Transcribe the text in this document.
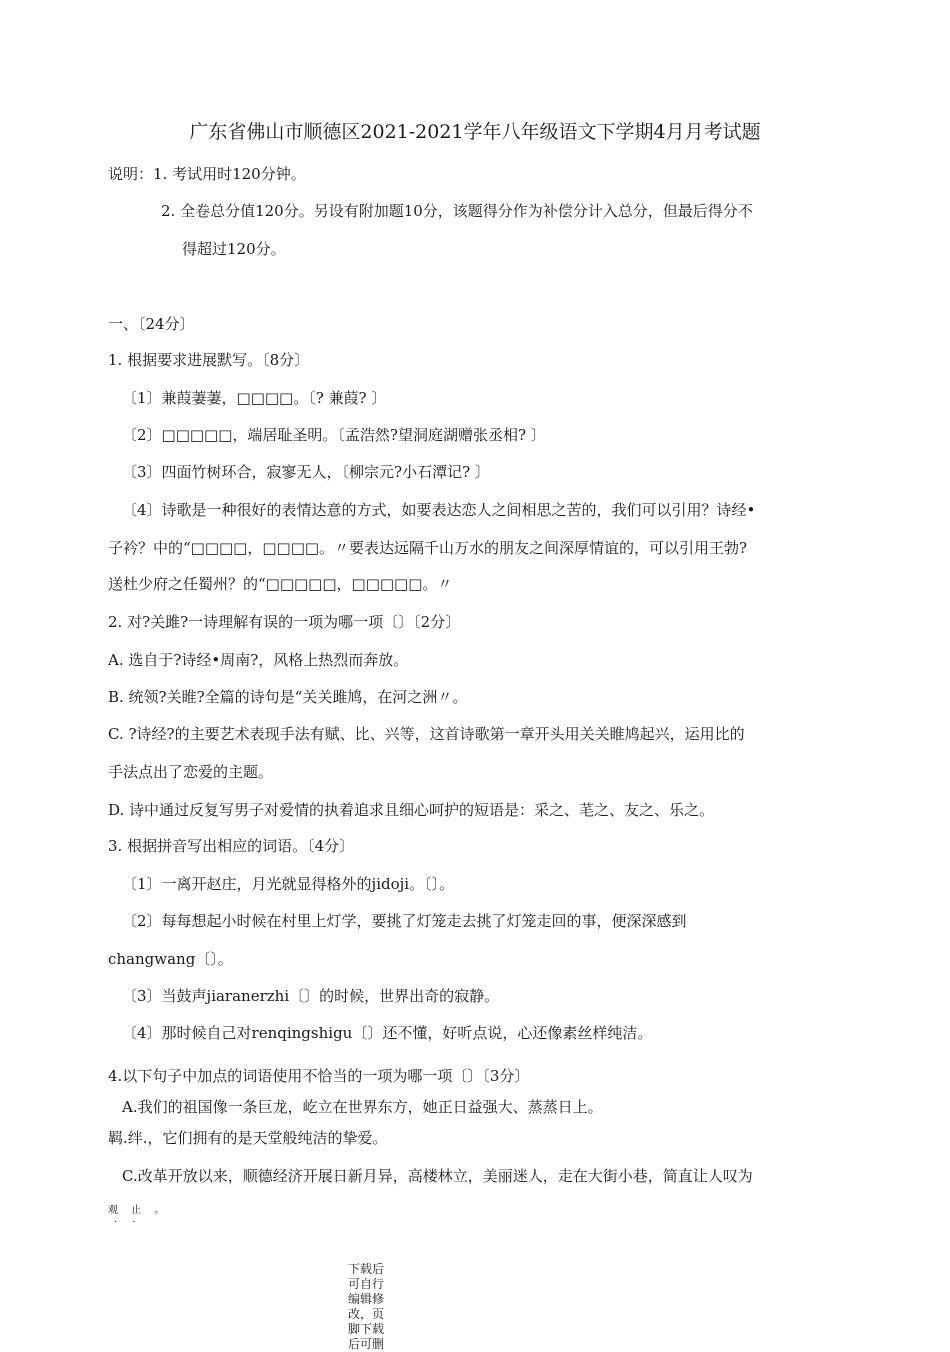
广东省佛山市顺德区2021-2021学年八年级语文下学期4月月考试题
说明：1. 考试用时120分钟。
2. 全卷总分值120分。另设有附加题10分，该题得分作为补偿分计入总分，但最后得分不
得超过120分。
一、〔24分〕
1. 根据要求进展默写。〔8分〕
〔1〕兼葭萋萋，□□□□。〔? 兼葭? 〕
〔2〕□□□□□，端居耻圣明。〔孟浩然?望洞庭湖赠张丞相? 〕
〔3〕四面竹树环合，寂寥无人，〔柳宗元?小石潭记? 〕
〔4〕诗歌是一种很好的表情达意的方式，如要表达恋人之间相思之苦的，我们可以引用？诗经•
子衿？中的“□□□□，□□□□。〃要表达远隔千山万水的朋友之间深厚情谊的，可以引用王勃?
送杜少府之任蜀州？的“□□□□□，□□□□□。〃
2. 对?关雎?一诗理解有误的一项为哪一项〔〕〔2分〕
A. 选自于?诗经•周南?，风格上热烈而奔放。
B. 统领?关睢?全篇的诗句是“关关雎鸠，在河之洲〃。
C. ?诗经?的主要艺术表现手法有赋、比、兴等，这首诗歌第一章开头用关关睢鸠起兴，运用比的
手法点出了恋爱的主题。
D. 诗中通过反复写男子对爱情的执着追求且细心呵护的短语是：采之、芼之、友之、乐之。
3. 根据拼音写出相应的词语。〔4分〕
〔1〕一离开赵庄，月光就显得格外的jidoji。〔〕。
〔2〕每每想起小时候在村里上灯学，要挑了灯笼走去挑了灯笼走回的事，便深深感到
changwang〔〕。
〔3〕当鼓声jiaranerzhi〔〕的时候，世界出奇的寂静。
〔4〕那时候自己对renqingshigu〔〕还不懂，好听点说，心还像素丝样纯洁。
4.以下句子中加点的词语使用不恰当的一项为哪一项〔〕〔3分〕
A.我们的祖国像一条巨龙，屹立在世界东方，她正日益强大、蒸蒸日上。
羁.绊.，它们拥有的是天堂般纯洁的挚爱。
C.改革开放以来，顺德经济开展日新月异，高楼林立，美丽迷人，走在大街小巷，简直让人叹为
观 止 。
. .
下载后可自行编辑修改，页脚下载后可删
